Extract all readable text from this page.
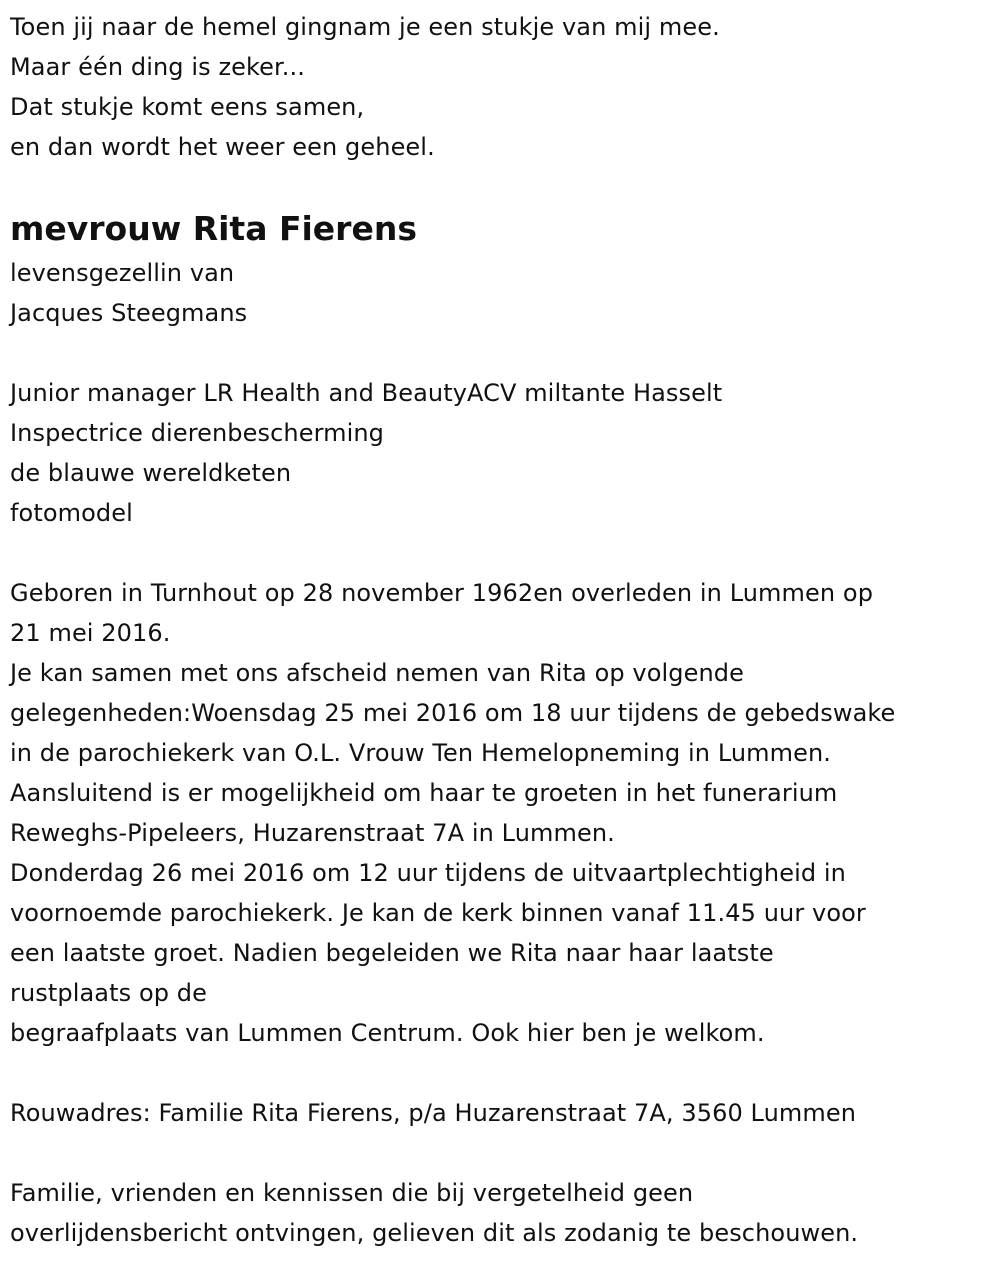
Toen jij naar de hemel gingnam je een stukje van mij mee.
Maar één ding is zeker...
Dat stukje komt eens samen,
en dan wordt het weer een geheel.
mevrouw Rita Fierens
levensgezellin van
Jacques Steegmans
Junior manager LR Health and BeautyACV miltante Hasselt
Inspectrice dierenbescherming
de blauwe wereldketen
fotomodel
Geboren in Turnhout op 28 november 1962en overleden in Lummen op
21 mei 2016.
Je kan samen met ons afscheid nemen van Rita op volgende
gelegenheden:Woensdag 25 mei 2016 om 18 uur tijdens de gebedswake
in de parochiekerk van O.L. Vrouw Ten Hemelopneming in Lummen.
Aansluitend is er mogelijkheid om haar te groeten in het funerarium
Reweghs-Pipeleers, Huzarenstraat 7A in Lummen.
Donderdag 26 mei 2016 om 12 uur tijdens de uitvaartplechtigheid in
voornoemde parochiekerk. Je kan de kerk binnen vanaf 11.45 uur voor
een laatste groet. Nadien begeleiden we Rita naar haar laatste
rustplaats op de
begraafplaats van Lummen Centrum. Ook hier ben je welkom.
Rouwadres: Familie Rita Fierens, p/a Huzarenstraat 7A, 3560 Lummen
Familie, vrienden en kennissen die bij vergetelheid geen
overlijdensbericht ontvingen, gelieven dit als zodanig te beschouwen.
